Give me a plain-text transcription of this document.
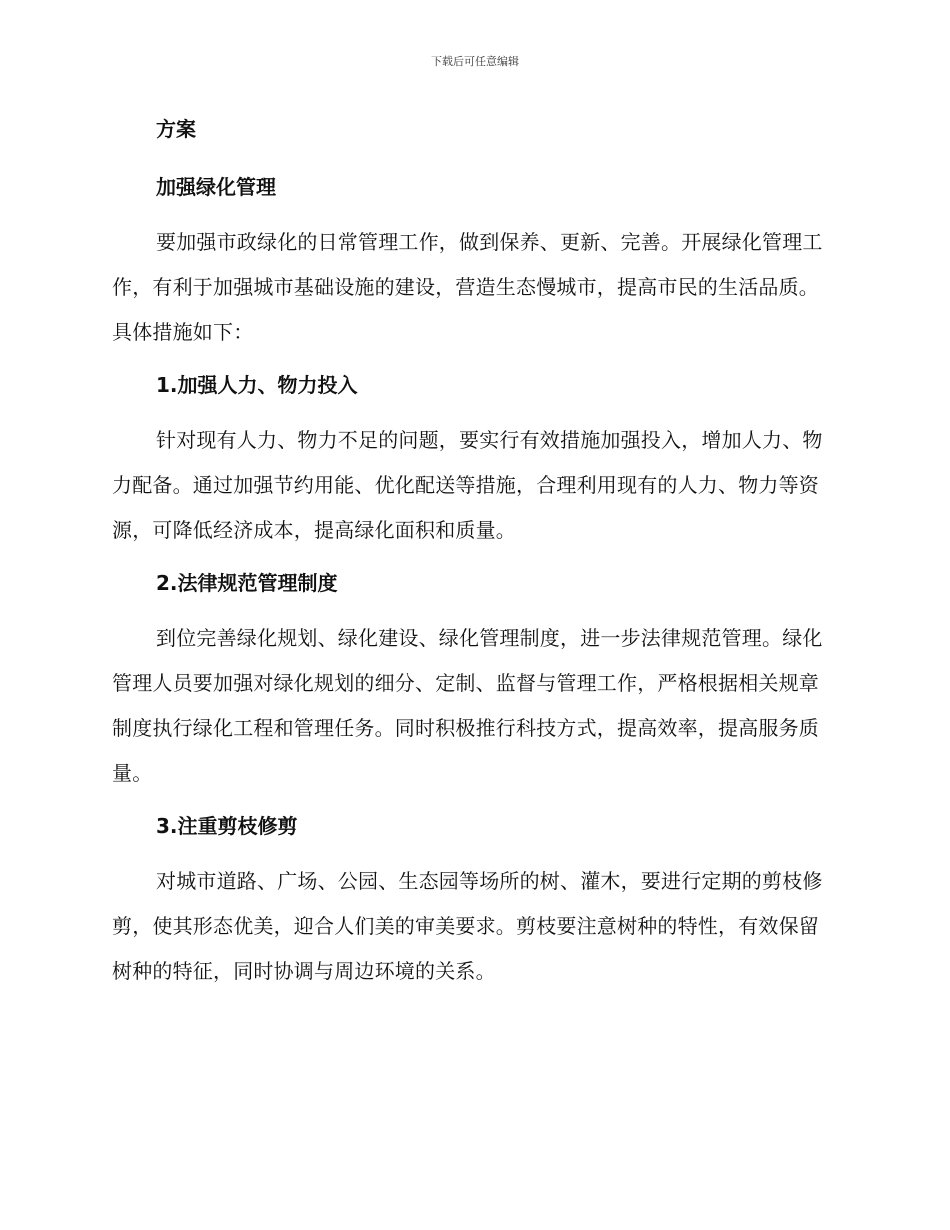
下载后可任意编辑
方案
加强绿化管理

要加强市政绿化的日常管理工作，做到保养、更新、完善。开展绿化管理工作，有利于加强城市基础设施的建设，营造生态慢城市，提高市民的生活品质。具体措施如下：

1.加强人力、物力投入

针对现有人力、物力不足的问题，要实行有效措施加强投入，增加人力、物力配备。通过加强节约用能、优化配送等措施，合理利用现有的人力、物力等资源，可降低经济成本，提高绿化面积和质量。

2.法律规范管理制度

到位完善绿化规划、绿化建设、绿化管理制度，进一步法律规范管理。绿化管理人员要加强对绿化规划的细分、定制、监督与管理工作，严格根据相关规章制度执行绿化工程和管理任务。同时积极推行科技方式，提高效率，提高服务质量。

3.注重剪枝修剪

对城市道路、广场、公园、生态园等场所的树、灌木，要进行定期的剪枝修剪，使其形态优美，迎合人们美的审美要求。剪枝要注意树种的特性，有效保留树种的特征，同时协调与周边环境的关系。
